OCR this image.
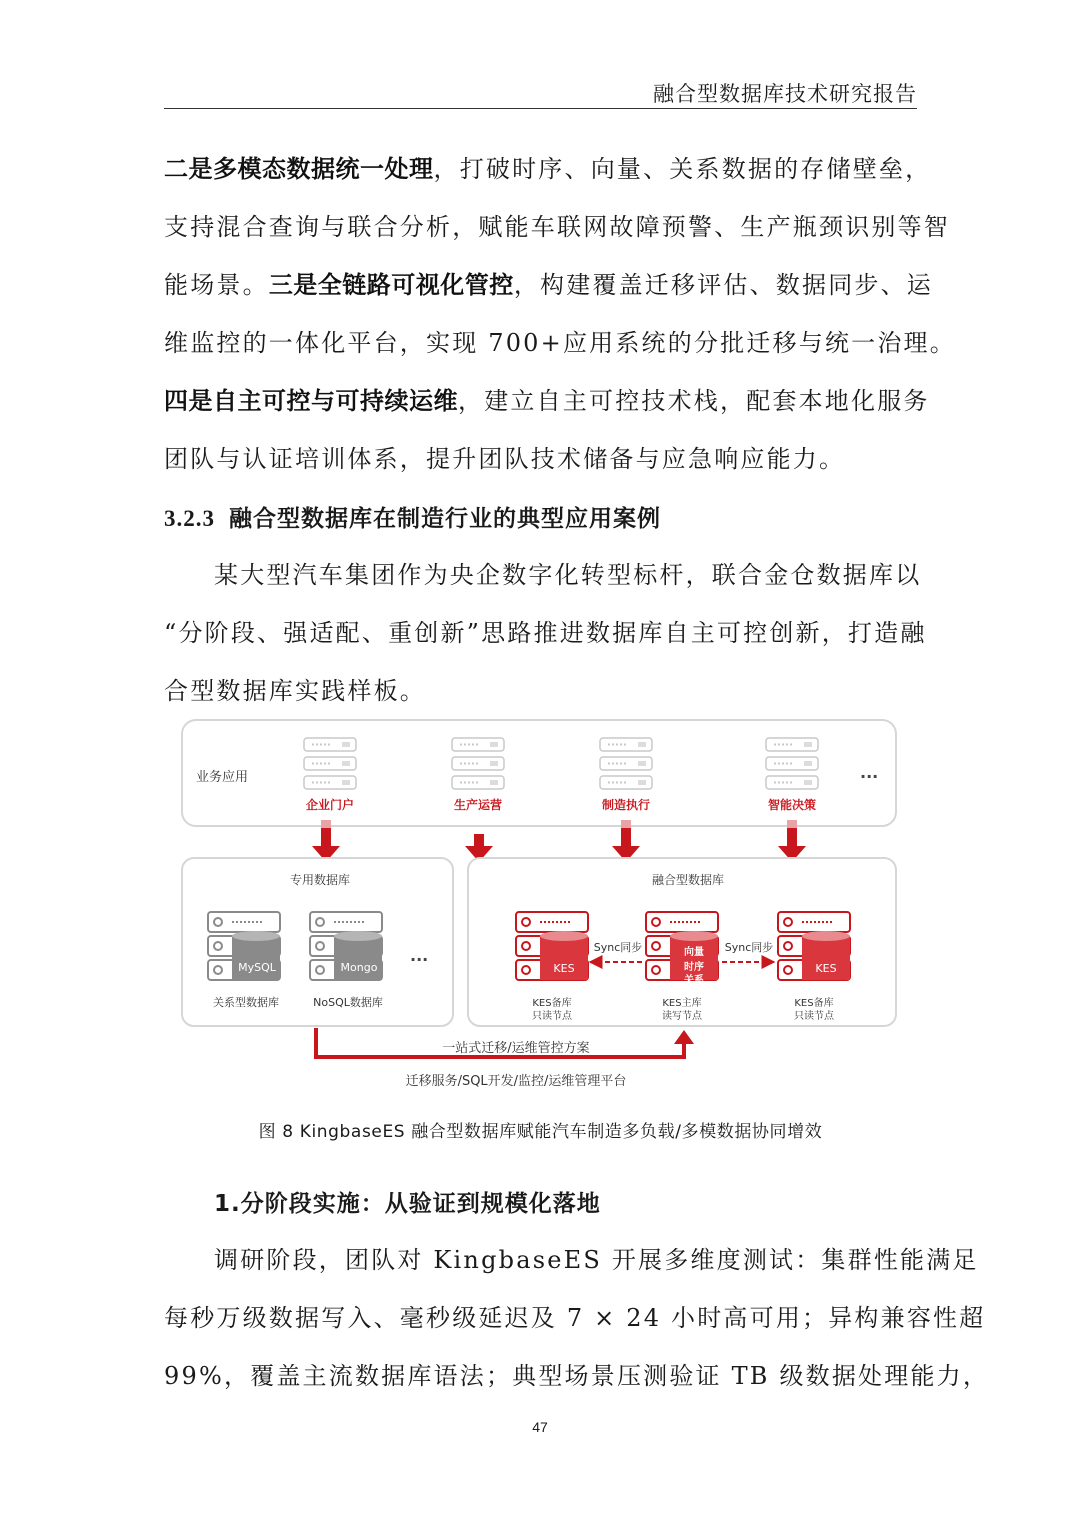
融合型数据库技术研究报告
二是多模态数据统一处理，打破时序、向量、关系数据的存储壁垒，
支持混合查询与联合分析，赋能车联网故障预警、生产瓶颈识别等智
能场景。三是全链路可视化管控，构建覆盖迁移评估、数据同步、运
维监控的一体化平台，实现 700+应用系统的分批迁移与统一治理。
四是自主可控与可持续运维，建立自主可控技术栈，配套本地化服务
团队与认证培训体系，提升团队技术储备与应急响应能力。
3.2.3 融合型数据库在制造行业的典型应用案例
某大型汽车集团作为央企数字化转型标杆，联合金仓数据库以
“分阶段、强适配、重创新”思路推进数据库自主可控创新，打造融
合型数据库实践样板。
业务应用	···
企业门户	生产运营	制造执行	智能决策
专用数据库
MySQL	Mongo ···
关系型数据库	NoSQL数据库
融合型数据库
KES	KES
向量
时序
关系
Sync同步	Sync同步
KES备库
只读节点
KES主库
读写节点
KES备库
只读节点
一站式迁移/运维管控方案
迁移服务/SQL开发/监控/运维管理平台
图 8 KingbaseES 融合型数据库赋能汽车制造多负载/多模数据协同增效
1.分阶段实施：从验证到规模化落地
调研阶段，团队对 KingbaseES 开展多维度测试：集群性能满足
每秒万级数据写入、毫秒级延迟及 7 × 24 小时高可用；异构兼容性超
99%，覆盖主流数据库语法；典型场景压测验证 TB 级数据处理能力，
47
